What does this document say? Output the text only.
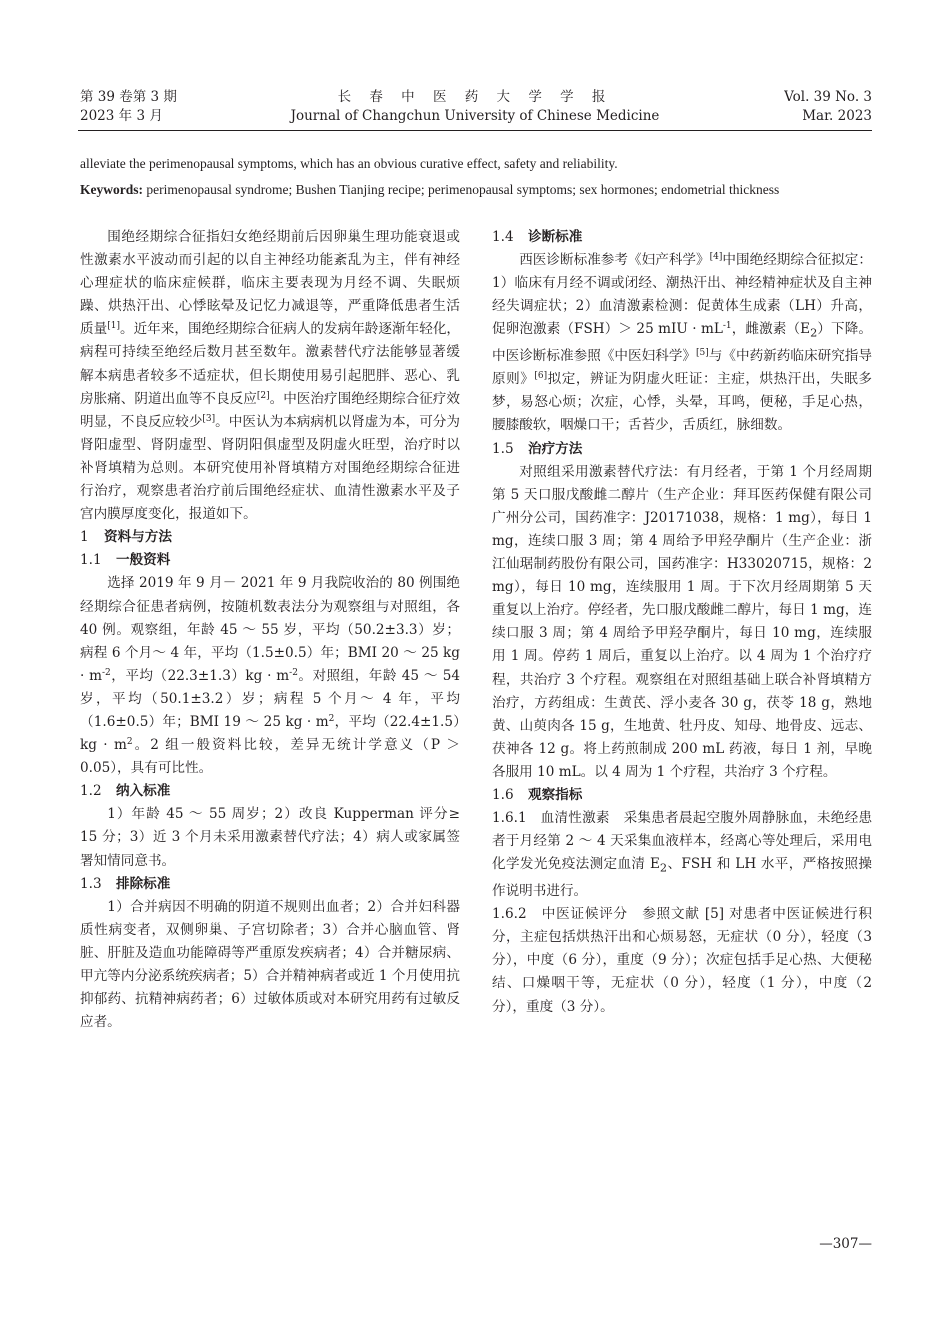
第 39 卷第 3 期
2023 年 3 月
长 春 中 医 药 大 学 学 报
Journal of Changchun University of Chinese Medicine
Vol. 39 No. 3
Mar. 2023
alleviate the perimenopausal symptoms, which has an obvious curative effect, safety and reliability.
Keywords: perimenopausal syndrome; Bushen Tianjing recipe; perimenopausal symptoms; sex hormones; endometrial thickness

围绝经期综合征指妇女绝经期前后因卵巢生理功能衰退或性激素水平波动而引起的以自主神经功能紊乱为主，伴有神经心理症状的临床症候群，临床主要表现为月经不调、失眠烦躁、烘热汗出、心悸眩晕及记忆力减退等，严重降低患者生活质量[1]。近年来，围绝经期综合征病人的发病年龄逐渐年轻化，病程可持续至绝经后数月甚至数年。激素替代疗法能够显著缓解本病患者较多不适症状，但长期使用易引起肥胖、恶心、乳房胀痛、阴道出血等不良反应[2]。中医治疗围绝经期综合征疗效明显，不良反应较少[3]。中医认为本病病机以肾虚为本，可分为肾阳虚型、肾阴虚型、肾阴阳俱虚型及阴虚火旺型，治疗时以补肾填精为总则。本研究使用补肾填精方对围绝经期综合征进行治疗，观察患者治疗前后围绝经症状、血清性激素水平及子宫内膜厚度变化，报道如下。

1 资料与方法
1.1 一般资料

选择 2019 年 9 月－ 2021 年 9 月我院收治的 80 例围绝经期综合征患者病例，按随机数表法分为观察组与对照组，各 40 例。观察组，年龄 45 ～ 55 岁，平均（50.2±3.3）岁；病程 6 个月～ 4 年，平均（1.5±0.5）年；BMI 20 ～ 25 kg · $m^{-2}$，平均$(22.3\pm 1.3)kg \cdot m^{-2}$。对照组，年龄 45 ～ 54 岁，平均（50.1±3.2）岁；病程 5 个月～ 4 年，平均（1.6±0.5）年；BMI 19 ～ 25 kg · $m^2$，平均$(22.4\pm 1.5)kg \cdot m^2$。2 组一般资料比较，差异无统计学意义（P ＞ 0.05），具有可比性。

1.2 纳入标准

1）年龄 45 ～ 55 周岁；2）改良 Kupperman 评分≥ 15 分；3）近 3 个月未采用激素替代疗法；4）病人或家属签署知情同意书。

1.3 排除标准

1）合并病因不明确的阴道不规则出血者；2）合并妇科器质性病变者，双侧卵巢、子宫切除者；3）合并心脑血管、肾脏、肝脏及造血功能障碍等严重原发疾病者；4）合并糖尿病、甲亢等内分泌系统疾病者；5）合并精神病者或近 1 个月使用抗抑郁药、抗精神病药者；6）过敏体质或对本研究用药有过敏反应者。

1.4 诊断标准

西医诊断标准参考《妇产科学》[4]中围绝经期综合征拟定：1）临床有月经不调或闭经、潮热汗出、神经精神症状及自主神经失调症状；2）血清激素检测：促黄体生成素（LH）升高，促卵泡激素（FSH）＞ 25 mIU · $mL^{-1}$，雌激素$(E_2)$下降。中医诊断标准参照《中医妇科学》[5]与《中药新药临床研究指导原则》[6]拟定，辨证为阴虚火旺证：主症，烘热汗出，失眠多梦，易怒心烦；次症，心悸，头晕，耳鸣，便秘，手足心热，腰膝酸软，咽燥口干；舌苔少，舌质红，脉细数。

1.5 治疗方法

对照组采用激素替代疗法：有月经者，于第 1 个月经周期第 5 天口服戊酸雌二醇片（生产企业：拜耳医药保健有限公司广州分公司，国药准字：J20171038，规格：1 mg），每日 1 mg，连续口服 3 周；第 4 周给予甲羟孕酮片（生产企业：浙江仙琚制药股份有限公司，国药准字：H33020715，规格：2 mg），每日 10 mg，连续服用 1 周。于下次月经周期第 5 天重复以上治疗。停经者，先口服戊酸雌二醇片，每日 1 mg，连续口服 3 周；第 4 周给予甲羟孕酮片，每日 10 mg，连续服用 1 周。停药 1 周后，重复以上治疗。以 4 周为 1 个治疗疗程，共治疗 3 个疗程。观察组在对照组基础上联合补肾填精方治疗，方药组成：生黄芪、浮小麦各 30 g，茯苓 18 g，熟地黄、山萸肉各 15 g，生地黄、牡丹皮、知母、地骨皮、远志、茯神各 12 g。将上药煎制成 200 mL 药液，每日 1 剂，早晚各服用 10 mL。以 4 周为 1 个疗程，共治疗 3 个疗程。

1.6 观察指标

1.6.1　 血清性激素　 采集患者晨起空腹外周静脉血，未绝经患者于月经第 2 ～ 4 天采集血液样本，经离心等处理后，采用电化学发光免疫法测定血清 $E_2$、FSH 和 LH 水平，严格按照操作说明书进行。

1.6.2　 中医证候评分　 参照文献 [5] 对患者中医证候进行积分，主症包括烘热汗出和心烦易怒，无症状（0 分），轻度（3 分），中度（6 分），重度（9 分）；次症包括手足心热、大便秘结、口燥咽干等，无症状（0 分），轻度（1 分），中度（2 分），重度（3 分）。

—307—
